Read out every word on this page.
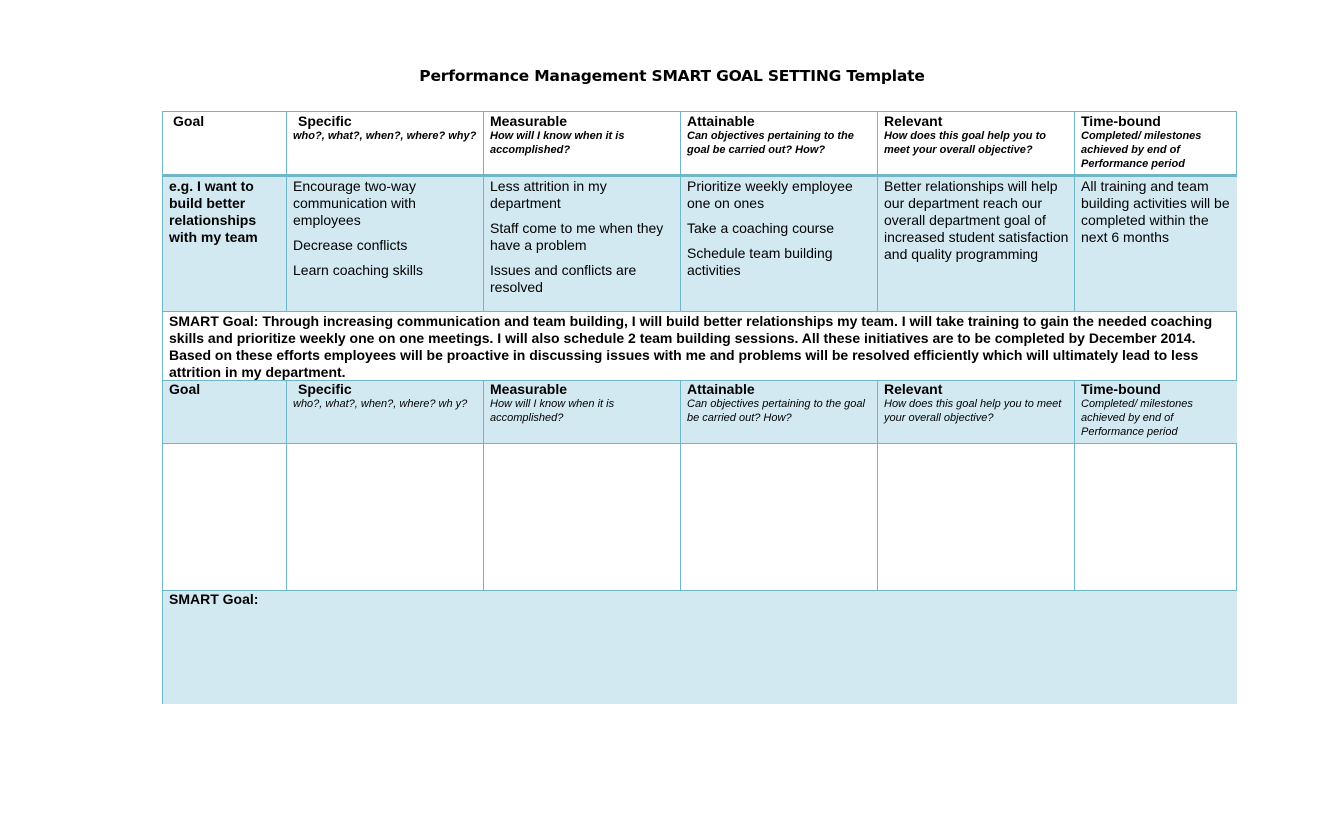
Performance Management SMART GOAL SETTING Template
Goal	Specific
who?, what?, when?, where? why?
Measurable
How will I know when it is accomplished?
Attainable
Can objectives pertaining to the goal be carried out? How?
Relevant
How does this goal help you to meet your overall objective?
Time-bound
Completed/ milestones achieved by end of Performance period
e.g. I want to build better relationships with my team

Encourage two-way communication with employees

Decrease conflicts

Learn coaching skills

Less attrition in my department

Staff come to me when they have a problem

Issues and conflicts are resolved

Prioritize weekly employee one on ones

Take a coaching course

Schedule team building activities

Better relationships will help our department reach our overall department goal of increased student satisfaction and quality programming

All training and team building activities will be completed within the next 6 months

SMART Goal: Through increasing communication and team building, I will build better relationships my team. I will take training to gain the needed coaching skills and prioritize weekly one on one meetings. I will also schedule 2 team building sessions. All these initiatives are to be completed by December 2014. Based on these efforts employees will be proactive in discussing issues with me and problems will be resolved efficiently which will ultimately lead to less attrition in my department.
Goal	Specific
who?, what?, when?, where? wh y?
Measurable
How will I know when it is accomplished?
Attainable
Can objectives pertaining to the goal be carried out? How?
Relevant
How does this goal help you to meet your overall objective?
Time-bound
Completed/ milestones achieved by end of Performance period
SMART Goal:
